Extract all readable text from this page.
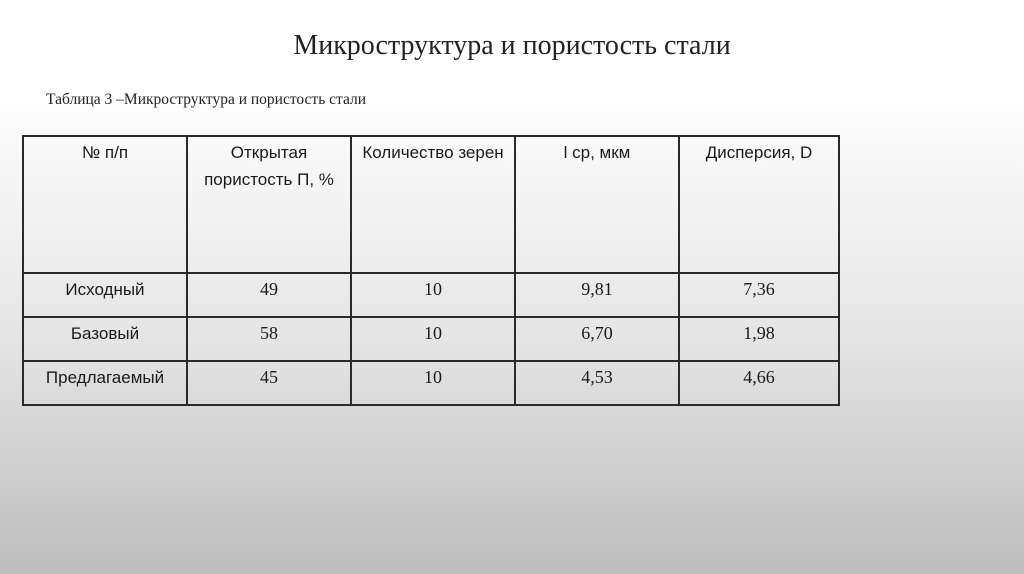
Микроструктура и пористость стали
Таблица 3 –Микроструктура и пористость стали
№ п/п	Открытая пористость П, %	Количество зерен	l ср, мкм	Дисперсия, D
Исходный	49	10	9,81	7,36
Базовый	58	10	6,70	1,98
Предлагаемый	45	10	4,53	4,66
